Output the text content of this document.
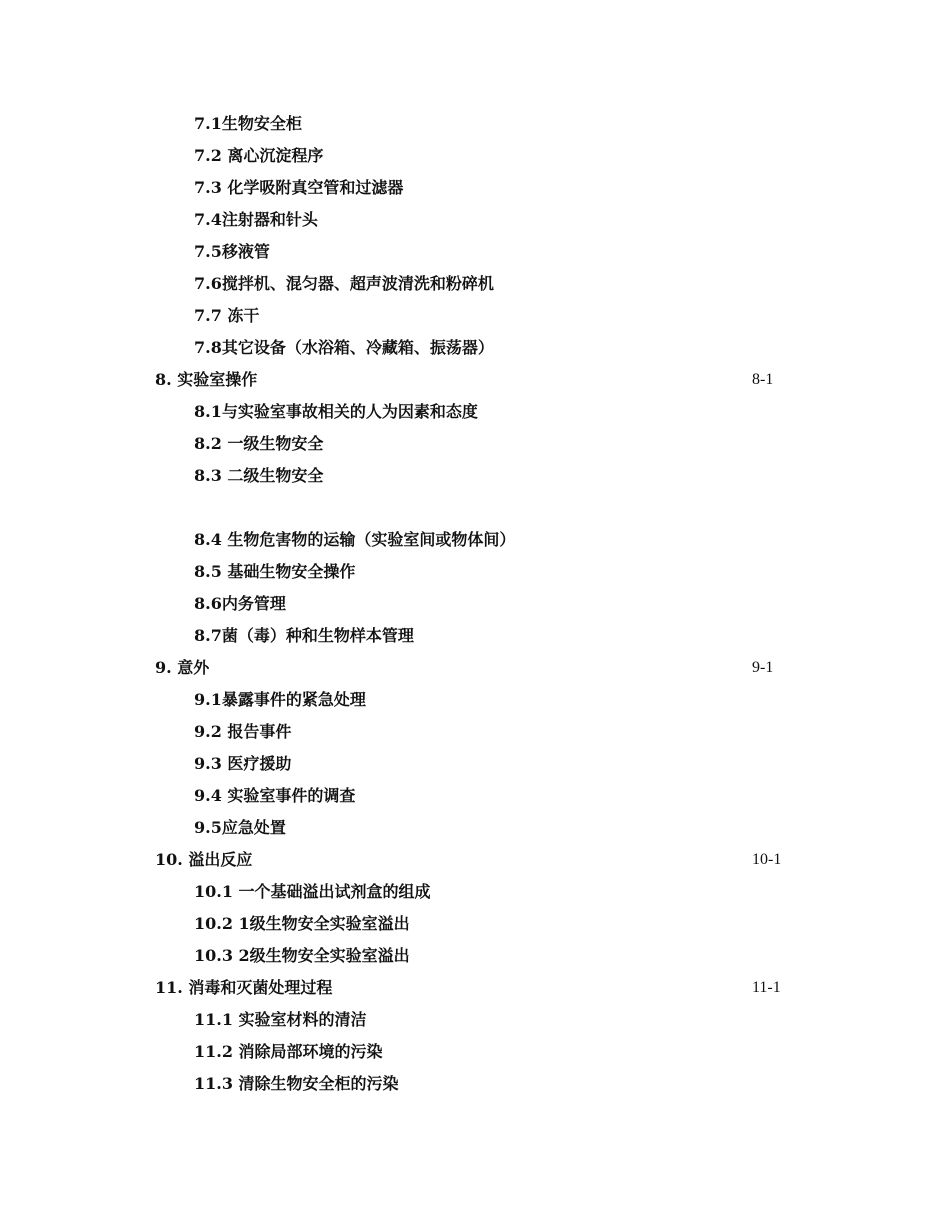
7.1生物安全柜
7.2 离心沉淀程序
7.3 化学吸附真空管和过滤器
7.4注射器和针头
7.5移液管
7.6搅拌机、混匀器、超声波清洗和粉碎机
7.7 冻干
7.8其它设备（水浴箱、冷藏箱、振荡器）
8. 实验室操作	8-1
8.1与实验室事故相关的人为因素和态度
8.2 一级生物安全
8.3 二级生物安全
8.4 生物危害物的运输（实验室间或物体间）
8.5 基础生物安全操作
8.6内务管理
8.7菌（毒）种和生物样本管理
9. 意外	9-1
9.1暴露事件的紧急处理
9.2 报告事件
9.3 医疗援助
9.4 实验室事件的调查
9.5应急处置
10. 溢出反应	10-1
10.1 一个基础溢出试剂盒的组成
10.2 1级生物安全实验室溢出
10.3 2级生物安全实验室溢出
11. 消毒和灭菌处理过程	11-1
11.1 实验室材料的清洁
11.2 消除局部环境的污染
11.3 清除生物安全柜的污染
